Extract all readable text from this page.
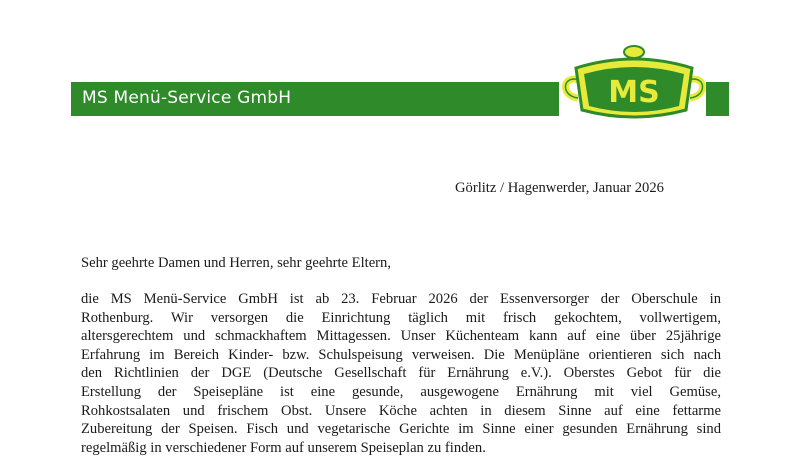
MS Menü-Service GmbH	MS
Görlitz / Hagenwerder, Januar 2026
Sehr geehrte Damen und Herren, sehr geehrte Eltern,
die MS Menü-Service GmbH ist ab 23. Februar 2026 der Essenversorger der Oberschule in
Rothenburg. Wir versorgen die Einrichtung täglich mit frisch gekochtem, vollwertigem,
altersgerechtem und schmackhaftem Mittagessen. Unser Küchenteam kann auf eine über 25jährige
Erfahrung im Bereich Kinder- bzw. Schulspeisung verweisen. Die Menüpläne orientieren sich nach
den Richtlinien der DGE (Deutsche Gesellschaft für Ernährung e.V.). Oberstes Gebot für die
Erstellung der Speisepläne ist eine gesunde, ausgewogene Ernährung mit viel Gemüse,
Rohkostsalaten und frischem Obst. Unsere Köche achten in diesem Sinne auf eine fettarme
Zubereitung der Speisen. Fisch und vegetarische Gerichte im Sinne einer gesunden Ernährung sind
regelmäßig in verschiedener Form auf unserem Speiseplan zu finden.
